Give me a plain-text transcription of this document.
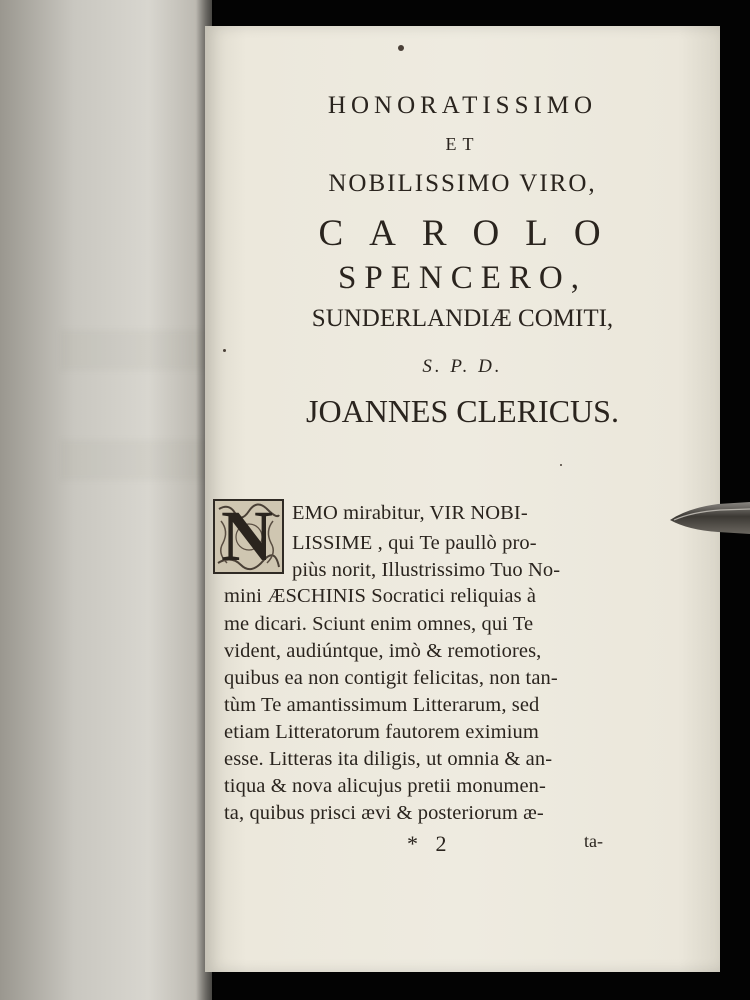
HONORATISSIMO
ET
NOBILISSIMO VIRO,
CAROLO
SPENCERO,
SUNDERLANDIÆ COMITI,
S. P. D.
JOANNES CLERICUS.
N EMO mirabitur, VIR NOBI-
LISSIME , qui Te paullò pro-
piùs norit, Illustrissimo Tuo No-
mini ÆSCHINIS Socratici reliquias à
me dicari. Sciunt enim omnes, qui Te
vident, audiúntque, imò & remotiores,
quibus ea non contigit felicitas, non tan-
tùm Te amantissimum Litterarum, sed
etiam Litteratorum fautorem eximium
esse. Litteras ita diligis, ut omnia & an-
tiqua & nova alicujus pretii monumen-
ta, quibus prisci ævi & posteriorum æ-
* 2	ta-
